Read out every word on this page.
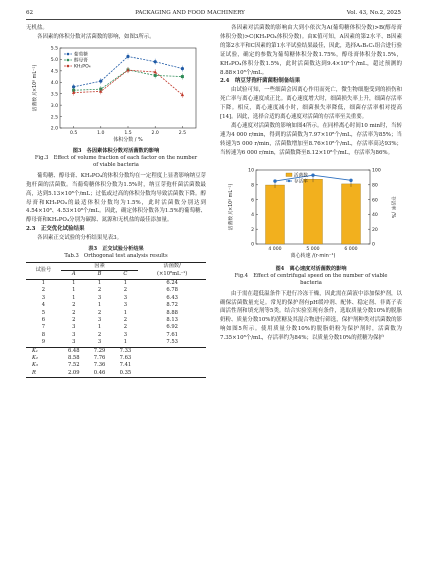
62	PACKAGING AND FOOD MACHINERY	Vol. 43, No.2, 2025

无机盐。

各因素的体积分数对活菌数的影响，如图3所示。

2.0
2.5
3.0
3.5
4.0
4.5
5.0
5.5
0.5	1.0	1.5	2.0	2.5
体积分数 / %
活菌数 /(×10⁸ mL⁻¹)
葡萄糖
醇母膏
KH₂PO₄

图3　各因素体积分数对活菌数的影响

Fig.3　Effect of volume fraction of each factor on the number

of viable bacteria

葡萄糖、醇母膏、KH₂PO₄的体积分数均在一定程度上显著影响纳豆芽孢杆菌的活菌数。当葡萄糖体积分数为1.5%时，纳豆芽孢杆菌活菌数最高，达到5.13×10⁸个/mL；过低或过高的体积分数均导致活菌数下降。醇母膏和KH₂PO₄的最适体积分数均为1.5%，此时活菌数分别达到4.54×10⁸、4.53×10⁸个/mL。因此，确定体积分数各为1.5%的葡萄糖、醇母膏和KH₂PO₄分别为碳源、氮源和无机盐的最佳添加量。

2.3　正交优化试验结果

各因素正交试验的分析结果见表3。

表3　正交试验分析结果

Tab.3　Orthogonal test analysis results

试验号	因素			活菌数/
	A	B	C	(×10⁸mL⁻¹)
1	1	1	1	6.24
2	1	2	2	6.78
3	1	3	3	6.43
4	2	1	3	8.72
5	2	2	1	8.88
6	2	3	2	8.13
7	3	1	2	6.92
8	3	2	3	7.61
9	3	3	1	7.53
K₁	6.48	7.29	7.33	
K₂	8.58	7.76	7.63	
K₃	7.52	7.36	7.41	
R	2.09	0.46	0.35	

各因素对活菌数的影响由大到小依次为A(葡萄糖体积分数)>B(醇母膏体积分数)>C(KH₂PO₄体积分数)。由K值可知，A因素的第2水平、B因素的第2水平和C因素的第1水平试验结果最佳，因此，选择A₂B₂C₁组合进行验证试验，确定的参数为葡萄糖体积分数1.75%，醇母膏体积分数1.5%，KH₂PO₄体积分数1.5%，此时活菌数达到9.4×10⁸个/mL，超过预测的8.88×10⁸个/mL。

2.4　纳豆芽孢杆菌菌粉制备结果

由试验可知，一些细菌会因离心作用而死亡，微生物细胞受到的损伤和死亡率与离心速度成正比。离心速度增大时，细菌损失率上升，细菌存活率下降。相反，离心速度减小时，细菌损失率降低，细菌存活率相对提高[14]。因此，选择合适的离心速度对活菌的存活率至关重要。

离心速度对活菌数的影响如图4所示。在同样离心时间10 min时，当转速为4 000 r/min，得到的活菌数为7.97×10⁸个/mL，存活率为85%；当转速为5 000 r/min，活菌数增加至8.76×10⁸个/mL，存活率高达93%；当转速为6 000 r/min，活菌数降至8.12×10⁸个/mL，存活率为86%。

0
2
4
6
8
10
0
20
40
60
80
100
4 000	5 000	6 000
活菌数
存活率
离心转速 /(r·min⁻¹)
活菌数 /(×10⁸ mL⁻¹)	存活率 /%

图4　离心速度对活菌数的影响

Fig.4　Effect of centrifugal speed on the number of viable

bacteria

由于需在超低温条件下进行冷冻干燥，因此需在菌液中添加保护剂，以确保活菌数量充足。常见的保护剂有pH缓冲剂、配体、稳定剂、非离子表面活性剂和填充剂等5类。结合实验室现有条件，选取质量分数10%的脱脂奶粉、质量分数10%的蔗糖及其混合物进行筛选，保护剂种类对活菌数的影响如图5所示。使用质量分数10%的脱脂奶粉为保护剂时，活菌数为7.35×10⁸个/mL，存活率约为84%；以质量分数10%的蔗糖为保护
